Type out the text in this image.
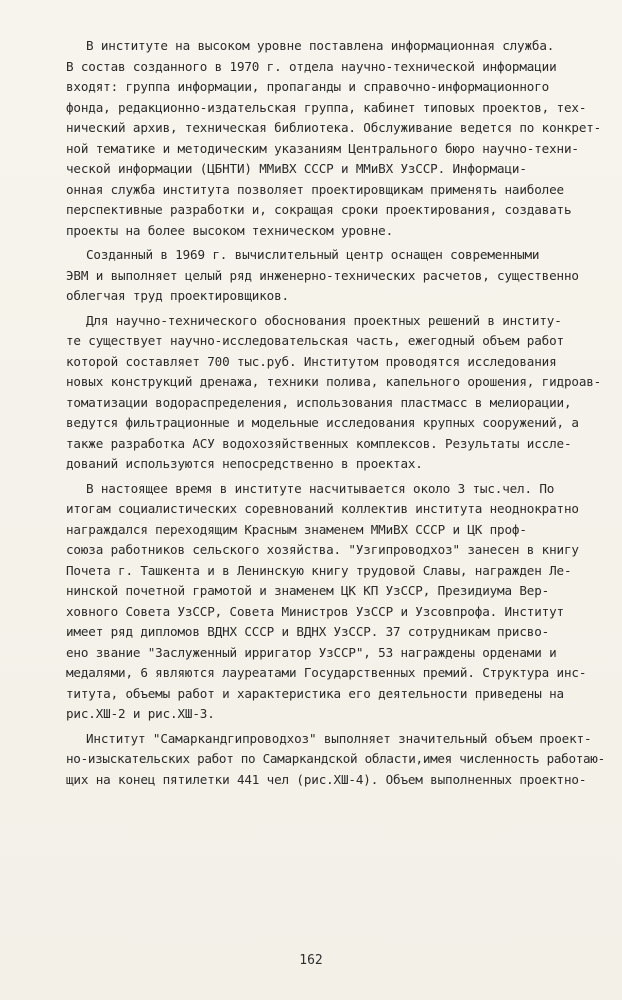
В институте на высоком уровне поставлена информационная служба.
В состав созданного в 1970 г. отдела научно-технической информации
входят: группа информации, пропаганды и справочно-информационного
фонда, редакционно-издательская группа, кабинет типовых проектов, тех-
нический архив, техническая библиотека. Обслуживание ведется по конкрет-
ной тематике и методическим указаниям Центрального бюро научно-техни-
ческой информации (ЦБНТИ) ММиВХ СССР и ММиВХ УзССР. Информаци-
онная служба института позволяет проектировщикам применять наиболее
перспективные разработки и, сокращая сроки проектирования, создавать
проекты на более высоком техническом уровне.

Созданный в 1969 г. вычислительный центр оснащен современными
ЭВМ и выполняет целый ряд инженерно-технических расчетов, существенно
облегчая труд проектировщиков.

Для научно-технического обоснования проектных решений в институ-
те существует научно-исследовательская часть, ежегодный объем работ
которой составляет 700 тыс.руб. Институтом проводятся исследования
новых конструкций дренажа, техники полива, капельного орошения, гидроав-
томатизации водораспределения, использования пластмасс в мелиорации,
ведутся фильтрационные и модельные исследования крупных сооружений, а
также разработка АСУ водохозяйственных комплексов. Результаты иссле-
дований используются непосредственно в проектах.

В настоящее время в институте насчитывается около 3 тыс.чел. По
итогам социалистических соревнований коллектив института неоднократно
награждался переходящим Красным знаменем ММиВХ СССР и ЦК проф-
союза работников сельского хозяйства. "Узгипроводхоз" занесен в книгу
Почета г. Ташкента и в Ленинскую книгу трудовой Славы, награжден Ле-
нинской почетной грамотой и знаменем ЦК КП УзССР, Президиума Вер-
ховного Совета УзССР, Совета Министров УзССР и Узсовпрофа. Институт
имеет ряд дипломов ВДНХ СССР и ВДНХ УзССР. 37 сотрудникам присво-
ено звание "Заслуженный ирригатор УзССР", 53 награждены орденами и
медалями, 6 являются лауреатами Государственных премий. Структура инс-
титута, объемы работ и характеристика его деятельности приведены на
рис.ХШ-2 и рис.ХШ-3.

Институт "Самаркандгипроводхоз" выполняет значительный объем проект-
но-изыскательских работ по Самаркандской области,имея численность работаю-
щих на конец пятилетки 441 чел (рис.ХШ-4). Объем выполненных проектно-

162
